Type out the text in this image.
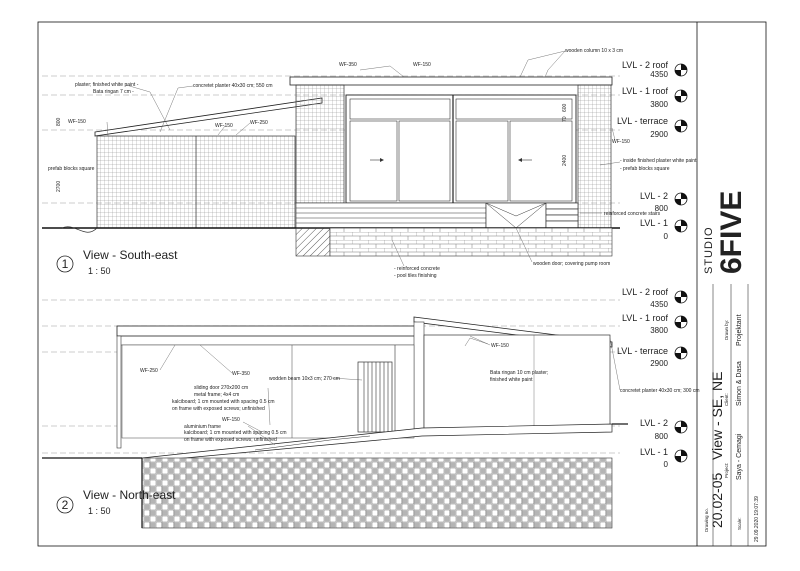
1
View - South-east
1 : 50
WF-350	WF-150
wooden column 10 x 3 cm
plaster; finished white paint -
Bata ringan 7 cm -
concretet planter 40x30 cm; 550 cm
WF-150
WF-150	WF-250
800
2700
prefab blocks square
70
600
2400
WF-150
- inside finished plaster white paint
- prefab blocks square
reinforced concrete stairs
- reinforced concrete
- pool tiles finishing
wooden door; covering pump room
LVL - 2 roof
4350
LVL - 1 roof
3800
LVL - terrace
2900
LVL - 2
800
LVL - 1
0
2
View - North-east
1 : 50
WF-150
Bata ringan 10 cm plaster;
finished white paint
WF-250	WF-350
wodden beam 10x3 cm; 270 cm
sliding door 270x200 cm
metal frame; 4x4 cm
kalciboard; 1 cm mounted with spacing 0.5 cm
on frame with exposed screws; unfinished
WF-150
aluminium frame
kalciboard; 1 cm mounted with spacing 0.5 cm
on frame with exposed screws; unfinished
concretet planter 40x30 cm; 300 cm
LVL - 2 roof
4350
LVL - 1 roof
3800
LVL - terrace
2900
LVL - 2
800
LVL - 1
0
STUDIO 6FIVE
Drawn by: Projektant
Client: Simon & Dasa
Drawing no. 20.02-05
View - SE, NE
Project: Saya - Cemagi
Scale: 29.09.2020 19:07:39
